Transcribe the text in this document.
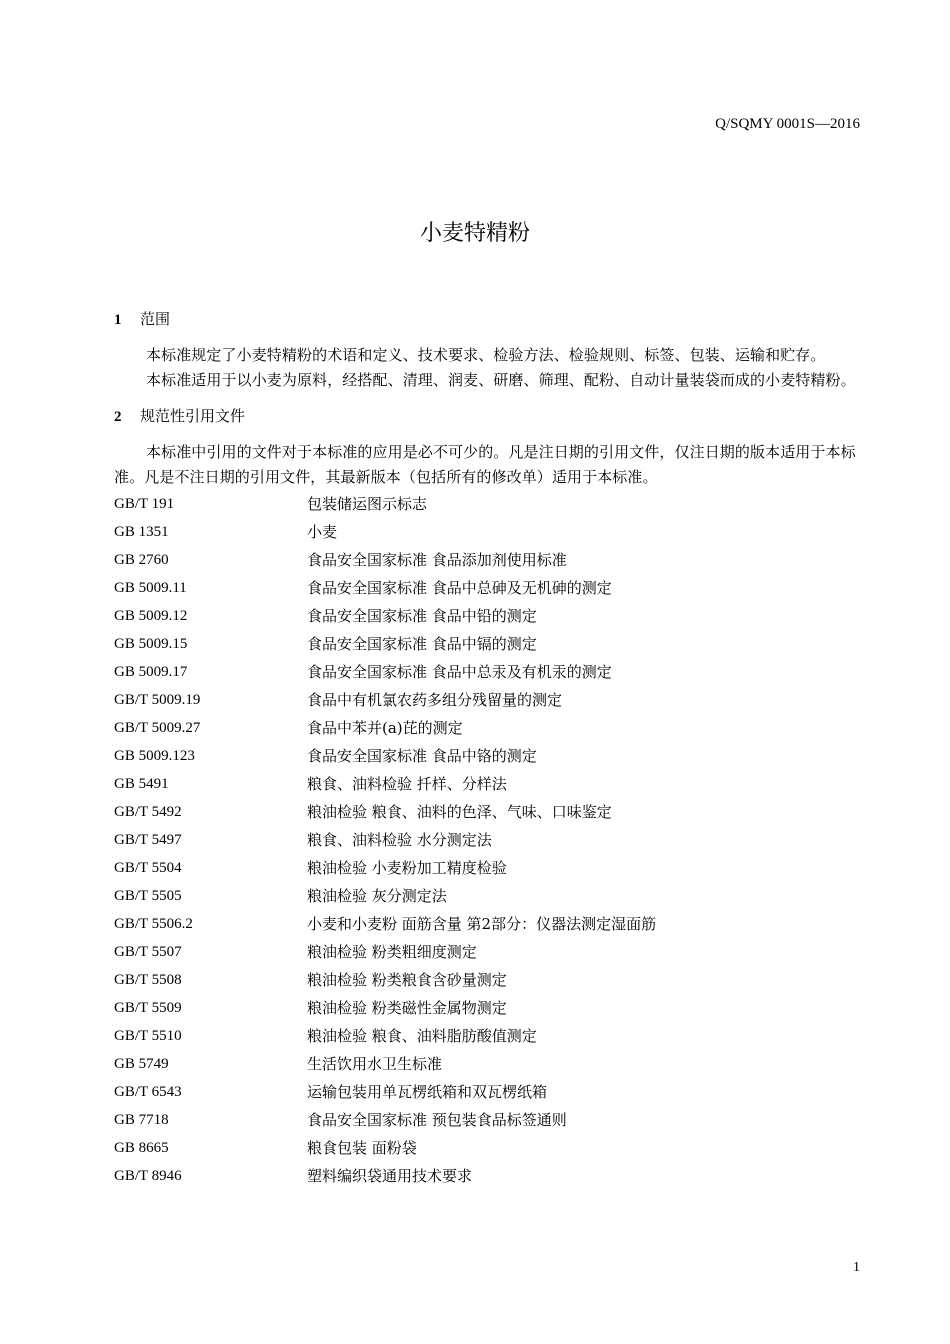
Q/SQMY 0001S—2016
小麦特精粉
1 范围
本标准规定了小麦特精粉的术语和定义、技术要求、检验方法、检验规则、标签、包装、运输和贮存。
本标准适用于以小麦为原料，经搭配、清理、润麦、研磨、筛理、配粉、自动计量装袋而成的小麦特精粉。
2 规范性引用文件
本标准中引用的文件对于本标准的应用是必不可少的。凡是注日期的引用文件，仅注日期的版本适用于本标准。凡是不注日期的引用文件，其最新版本（包括所有的修改单）适用于本标准。
GB/T 191	包装储运图示标志
GB 1351	小麦
GB 2760	食品安全国家标准 食品添加剂使用标准
GB 5009.11	食品安全国家标准 食品中总砷及无机砷的测定
GB 5009.12	食品安全国家标准 食品中铅的测定
GB 5009.15	食品安全国家标准 食品中镉的测定
GB 5009.17	食品安全国家标准 食品中总汞及有机汞的测定
GB/T 5009.19	食品中有机氯农药多组分残留量的测定
GB/T 5009.27	食品中苯并(a)芘的测定
GB 5009.123	食品安全国家标准 食品中铬的测定
GB 5491	粮食、油料检验 扦样、分样法
GB/T 5492	粮油检验 粮食、油料的色泽、气味、口味鉴定
GB/T 5497	粮食、油料检验 水分测定法
GB/T 5504	粮油检验 小麦粉加工精度检验
GB/T 5505	粮油检验 灰分测定法
GB/T 5506.2	小麦和小麦粉 面筋含量 第2部分：仪器法测定湿面筋
GB/T 5507	粮油检验 粉类粗细度测定
GB/T 5508	粮油检验 粉类粮食含砂量测定
GB/T 5509	粮油检验 粉类磁性金属物测定
GB/T 5510	粮油检验 粮食、油料脂肪酸值测定
GB 5749	生活饮用水卫生标准
GB/T 6543	运输包装用单瓦楞纸箱和双瓦楞纸箱
GB 7718	食品安全国家标准 预包装食品标签通则
GB 8665	粮食包装 面粉袋
GB/T 8946	塑料编织袋通用技术要求
1
